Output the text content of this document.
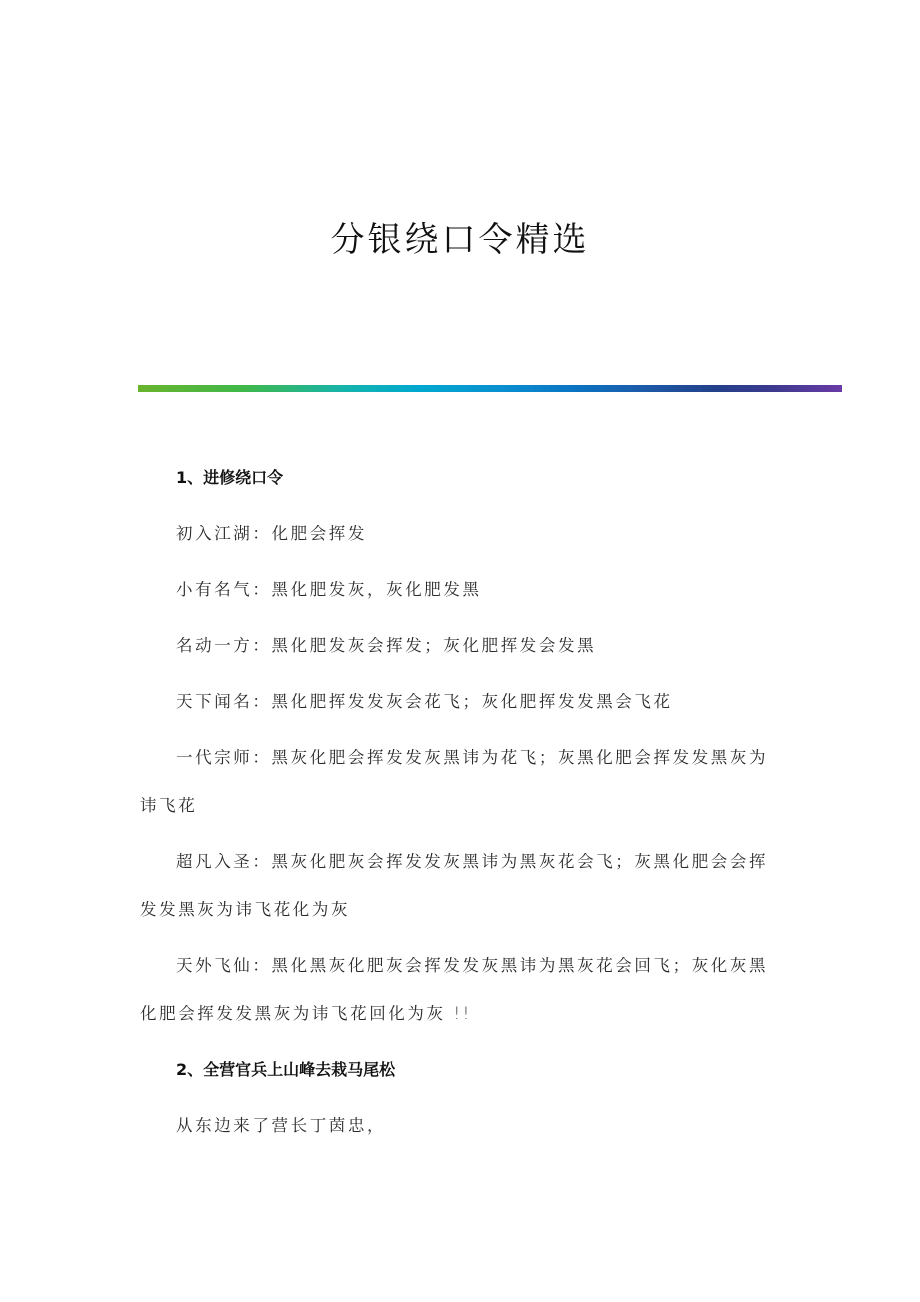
分银绕口令精选
1、进修绕口令

初入江湖：化肥会挥发

小有名气：黑化肥发灰，灰化肥发黑

名动一方：黑化肥发灰会挥发；灰化肥挥发会发黑

天下闻名：黑化肥挥发发灰会花飞；灰化肥挥发发黑会飞花

一代宗师：黑灰化肥会挥发发灰黑讳为花飞；灰黑化肥会挥发发黑灰为讳飞花

超凡入圣：黑灰化肥灰会挥发发灰黑讳为黑灰花会飞；灰黑化肥会会挥发发黑灰为讳飞花化为灰

天外飞仙：黑化黑灰化肥灰会挥发发灰黑讳为黑灰花会回飞；灰化灰黑化肥会挥发发黑灰为讳飞花回化为灰 !!

2、全营官兵上山峰去栽马尾松

从东边来了营长丁茵忠，
